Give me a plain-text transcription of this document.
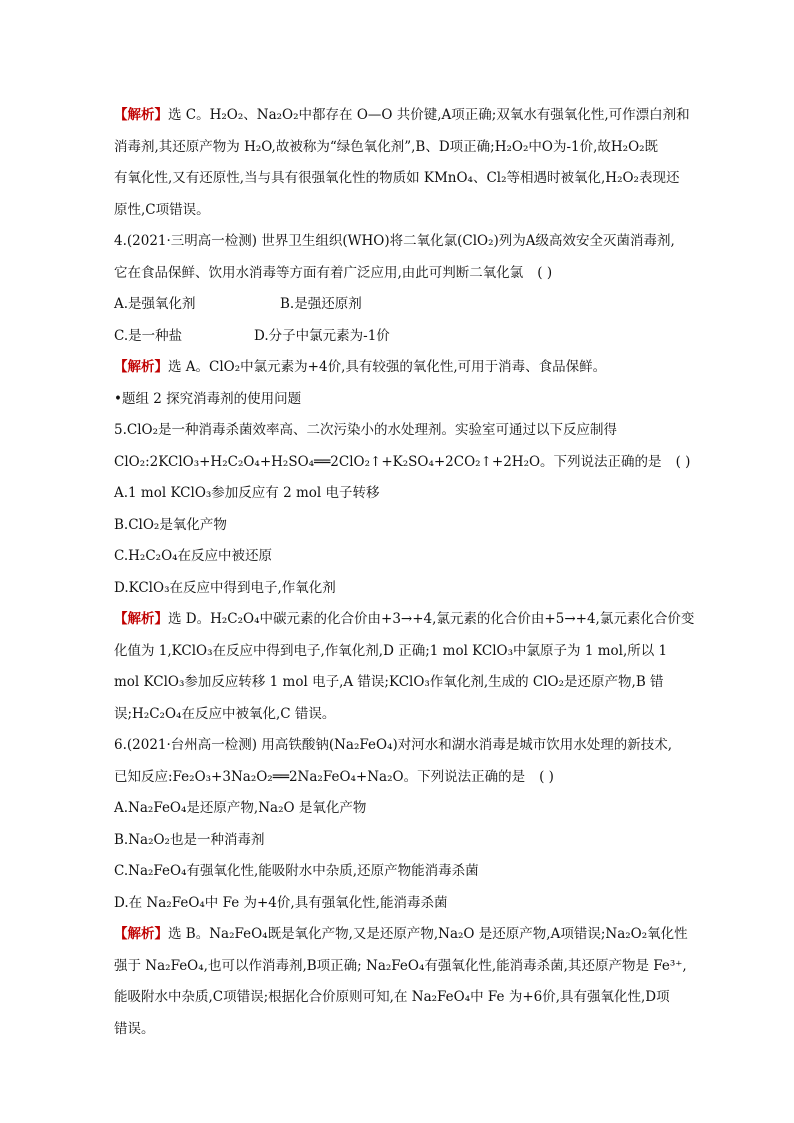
【解析】选 C。H₂O₂、Na₂O₂中都存在 O—O 共价键,A项正确;双氧水有强氧化性,可作漂白剂和
消毒剂,其还原产物为 H₂O,故被称为“绿色氧化剂”,B、D项正确;H₂O₂中O为-1价,故H₂O₂既
有氧化性,又有还原性,当与具有很强氧化性的物质如 KMnO₄、Cl₂等相遇时被氧化,H₂O₂表现还
原性,C项错误。
4.(2021·三明高一检测) 世界卫生组织(WHO)将二氧化氯(ClO₂)列为A级高效安全灭菌消毒剂,
它在食品保鲜、饮用水消毒等方面有着广泛应用,由此可判断二氧化氯 ( )
A.是强氧化剂	B.是强还原剂
C.是一种盐	D.分子中氯元素为-1价
【解析】选 A。ClO₂中氯元素为+4价,具有较强的氧化性,可用于消毒、食品保鲜。
•题组 2 探究消毒剂的使用问题
5.ClO₂是一种消毒杀菌效率高、二次污染小的水处理剂。实验室可通过以下反应制得
ClO₂:2KClO₃+H₂C₂O₄+H₂SO₄══2ClO₂↑+K₂SO₄+2CO₂↑+2H₂O。下列说法正确的是 ( )
A.1 mol KClO₃参加反应有 2 mol 电子转移
B.ClO₂是氧化产物
C.H₂C₂O₄在反应中被还原
D.KClO₃在反应中得到电子,作氧化剂
【解析】选 D。H₂C₂O₄中碳元素的化合价由+3→+4,氯元素的化合价由+5→+4,氯元素化合价变
化值为 1,KClO₃在反应中得到电子,作氧化剂,D 正确;1 mol KClO₃中氯原子为 1 mol,所以 1
mol KClO₃参加反应转移 1 mol 电子,A 错误;KClO₃作氧化剂,生成的 ClO₂是还原产物,B 错
误;H₂C₂O₄在反应中被氧化,C 错误。
6.(2021·台州高一检测) 用高铁酸钠(Na₂FeO₄)对河水和湖水消毒是城市饮用水处理的新技术,
已知反应:Fe₂O₃+3Na₂O₂══2Na₂FeO₄+Na₂O。下列说法正确的是 ( )
A.Na₂FeO₄是还原产物,Na₂O 是氧化产物
B.Na₂O₂也是一种消毒剂
C.Na₂FeO₄有强氧化性,能吸附水中杂质,还原产物能消毒杀菌
D.在 Na₂FeO₄中 Fe 为+4价,具有强氧化性,能消毒杀菌
【解析】选 B。Na₂FeO₄既是氧化产物,又是还原产物,Na₂O 是还原产物,A项错误;Na₂O₂氧化性
强于 Na₂FeO₄,也可以作消毒剂,B项正确; Na₂FeO₄有强氧化性,能消毒杀菌,其还原产物是 Fe³⁺,
能吸附水中杂质,C项错误;根据化合价原则可知,在 Na₂FeO₄中 Fe 为+6价,具有强氧化性,D项
错误。
